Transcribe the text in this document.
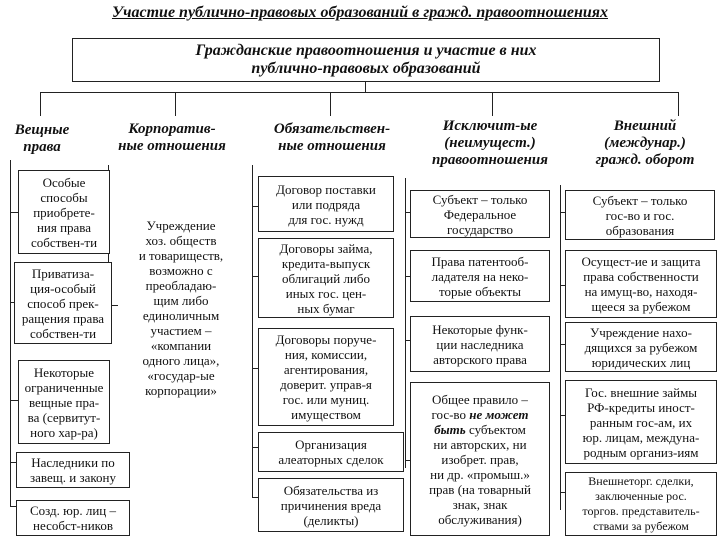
Участие публично-правовых образований в гражд. правоотношениях
Гражданские правоотношения и участие в них
публично-правовых образований
Вещные
права
Корпоратив-
ные отношения
Обязательствен-
ные отношения
Исключит-ые
(неимущест.)
правоотношения
Внешний
(междунар.)
гражд. оборот
Особые
способы
приобрете-
ния права
собствен-ти
Приватиза-
ция-особый
способ прек-
ращения права
собствен-ти
Некоторые
ограниченные
вещные пра-
ва (сервитут-
ного хар-ра)
Наследники по
завещ. и закону
Созд. юр. лиц –
несобст-ников
Учреждение
хоз. обществ
и товариществ,
возможно с
преобладаю-
щим либо
единоличным
участием –
«компании
одного лица»,
«государ-ые
корпорации»
Договор поставки
или подряда
для гос. нужд
Договоры займа,
кредита-выпуск
облигаций либо
иных гос. цен-
ных бумаг
Договоры поруче-
ния, комиссии,
агентирования,
доверит. управ-я
гос. или муниц.
имуществом
Организация
алеаторных сделок
Обязательства из
причинения вреда
(деликты)
Субъект – только
Федеральное
государство
Права патентооб-
ладателя на неко-
торые объекты
Некоторые функ-
ции наследника
авторского права
Общее правило –
гос-во не может
быть субъектом
ни авторских, ни
изобрет. прав,
ни др. «промыш.»
прав (на товарный
знак, знак
обслуживания)
Субъект – только
гос-во и гос.
образования
Осущест-ие и защита
права собственности
на имущ-во, находя-
щееся за рубежом
Учреждение нахо-
дящихся за рубежом
юридических лиц
Гос. внешние займы
РФ-кредиты иност-
ранным гос-ам, их
юр. лицам, междуна-
родным организ-иям
Внешнеторг. сделки,
заключенные рос.
торгов. представитель-
ствами за рубежом
